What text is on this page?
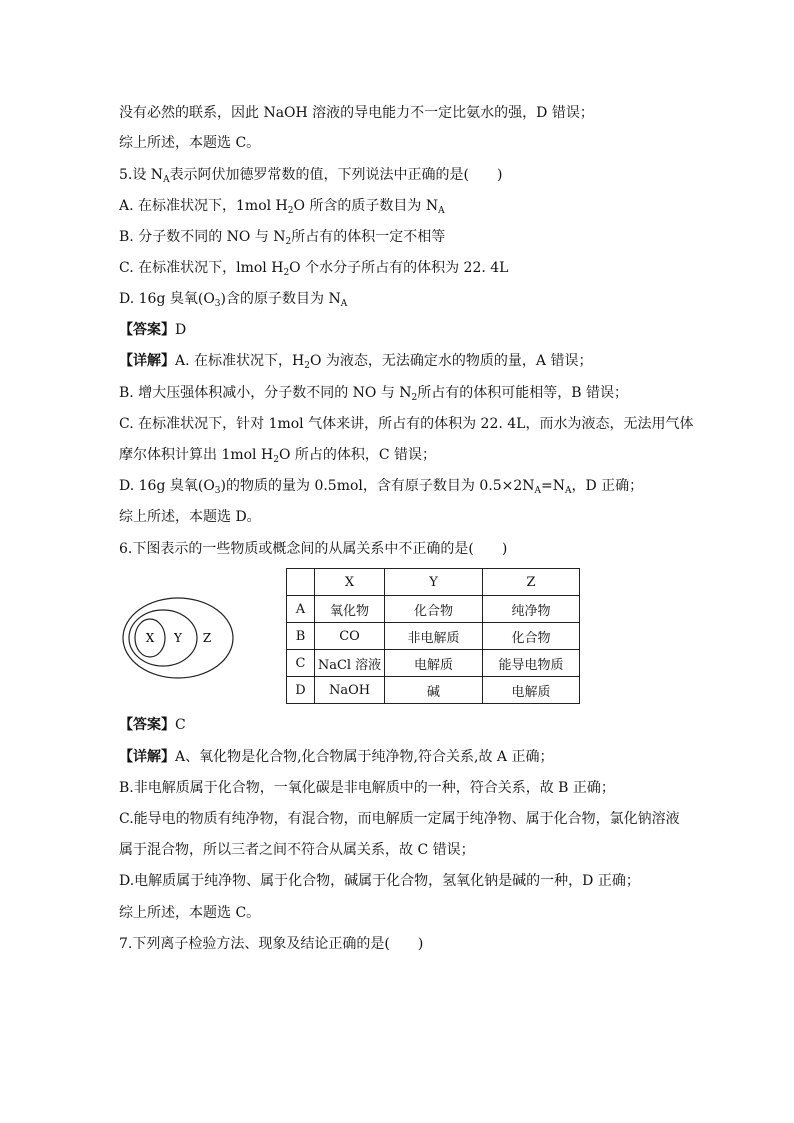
没有必然的联系，因此 NaOH 溶液的导电能力不一定比氨水的强，D 错误；
综上所述，本题选 C。
5.设 $N_A$表示阿伏加德罗常数的值，下列说法中正确的是(　　)
A. 在标准状况下，1mol $H_2O$ 所含的质子数目为 $N_A$
B. 分子数不同的 NO 与 $N_2$所占有的体积一定不相等
C. 在标准状况下，lmol $H_2O$ 个水分子所占有的体积为 22. 4L
D. 16g 臭氧$(O_3)$含的原子数目为 $N_A$
【答案】D
【详解】A. 在标准状况下，$H_2O$ 为液态，无法确定水的物质的量，A 错误；
B. 增大压强体积减小，分子数不同的 NO 与 $N_2$所占有的体积可能相等，B 错误；
C. 在标准状况下，针对 1mol 气体来讲，所占有的体积为 22. 4L，而水为液态，无法用气体
摩尔体积计算出 1mol $H_2O$ 所占的体积，C 错误；
D. 16g 臭氧$(O_3)$的物质的量为 0.5mol，含有原子数目为 $0.5\times 2N_A=N_A$，D 正确；
综上所述，本题选 D。
6.下图表示的一些物质或概念间的从属关系中不正确的是(　　)
X Y Z
	X	Y	Z
A	氧化物	化合物	纯净物
B	CO	非电解质	化合物
C	NaCl 溶液	电解质	能导电物质
D	NaOH	碱	电解质
【答案】C
【详解】A、氧化物是化合物,化合物属于纯净物,符合关系,故 A 正确；
B.非电解质属于化合物，一氧化碳是非电解质中的一种，符合关系，故 B 正确；
C.能导电的物质有纯净物，有混合物，而电解质一定属于纯净物、属于化合物，氯化钠溶液
属于混合物，所以三者之间不符合从属关系，故 C 错误；
D.电解质属于纯净物、属于化合物，碱属于化合物，氢氧化钠是碱的一种，D 正确；
综上所述，本题选 C。
7.下列离子检验方法、现象及结论正确的是(　　)
